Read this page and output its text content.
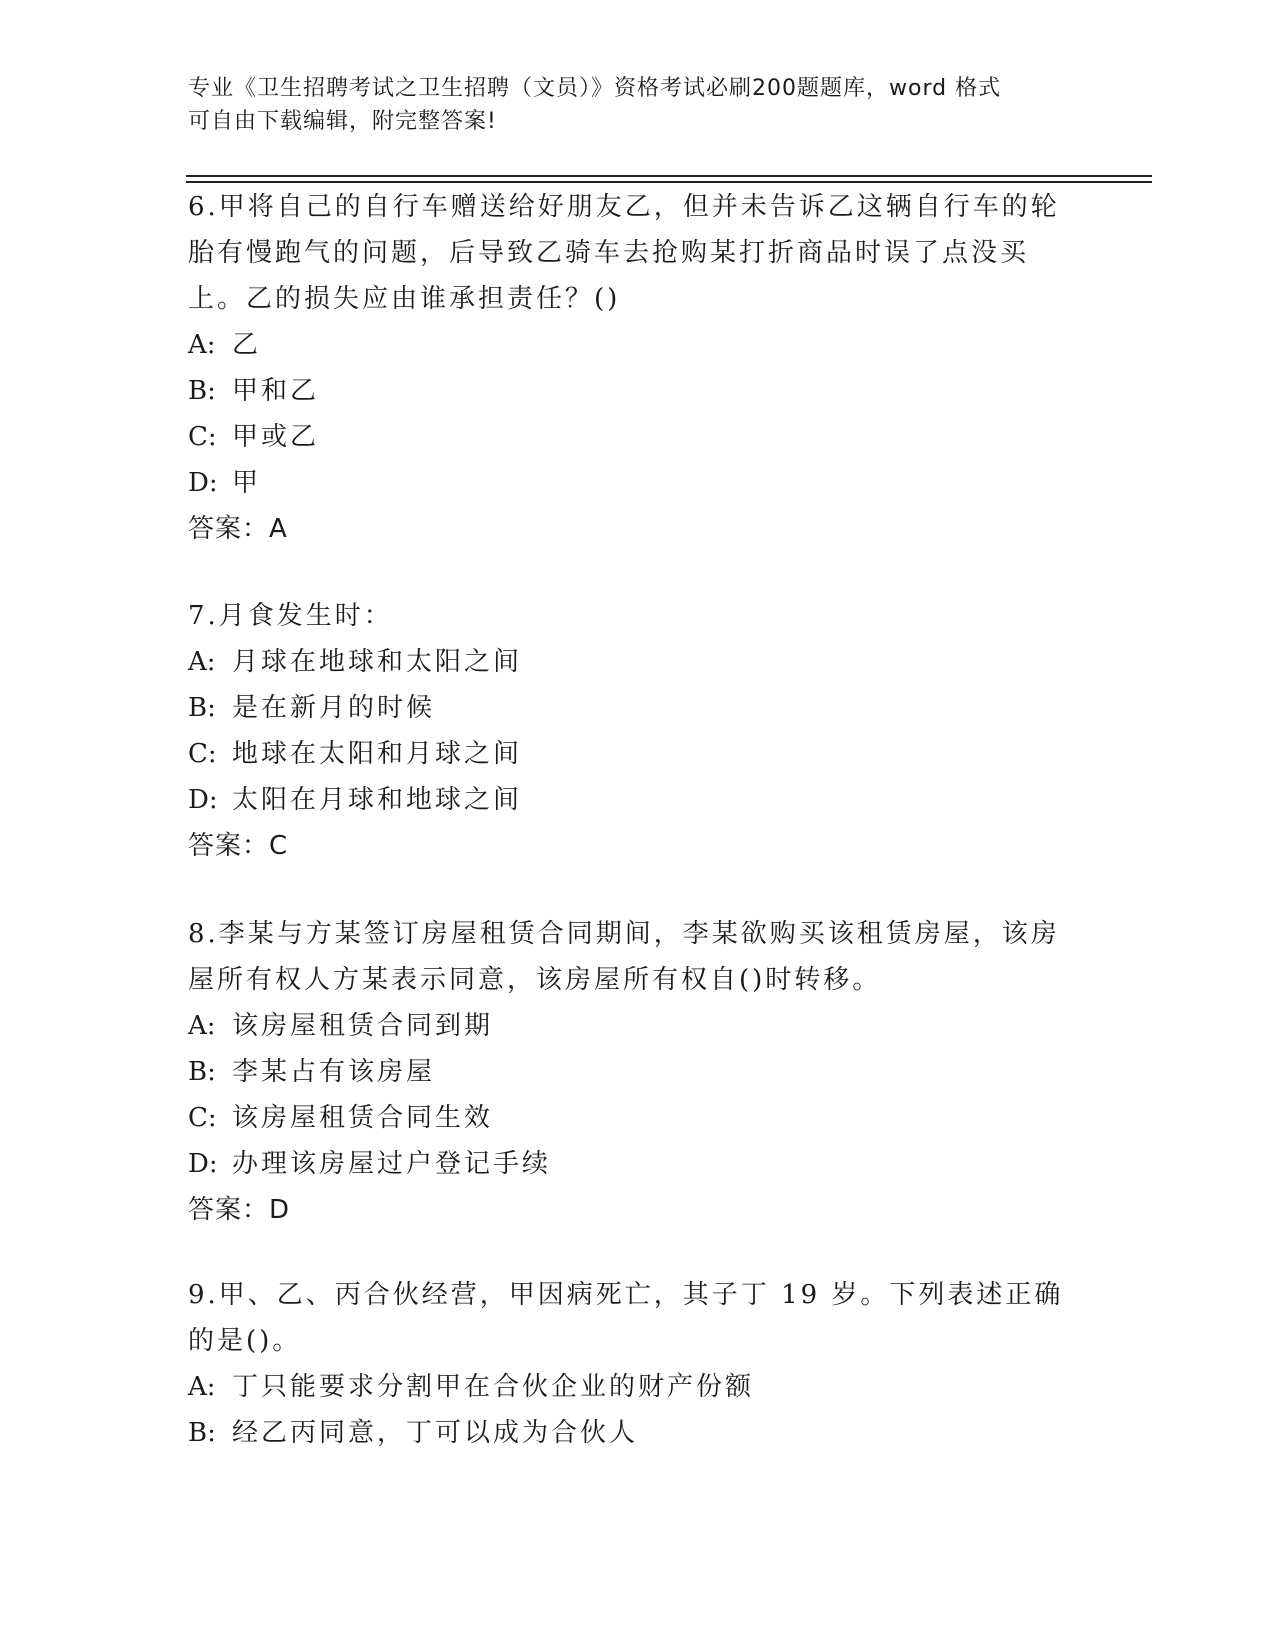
专业《卫生招聘考试之卫生招聘（文员）》资格考试必刷200题题库，word 格式
可自由下载编辑，附完整答案!
6.甲将自己的自行车赠送给好朋友乙，但并未告诉乙这辆自行车的轮胎有慢跑气的问题，后导致乙骑车去抢购某打折商品时误了点没买上。乙的损失应由谁承担责任？()
A: 乙
B: 甲和乙
C: 甲或乙
D: 甲
答案：A
7.月食发生时：
A: 月球在地球和太阳之间
B: 是在新月的时候
C: 地球在太阳和月球之间
D: 太阳在月球和地球之间
答案：C
8.李某与方某签订房屋租赁合同期间，李某欲购买该租赁房屋，该房屋所有权人方某表示同意，该房屋所有权自()时转移。
A: 该房屋租赁合同到期
B: 李某占有该房屋
C: 该房屋租赁合同生效
D: 办理该房屋过户登记手续
答案：D
9.甲、乙、丙合伙经营，甲因病死亡，其子丁 19 岁。下列表述正确的是()。
A: 丁只能要求分割甲在合伙企业的财产份额
B: 经乙丙同意，丁可以成为合伙人
